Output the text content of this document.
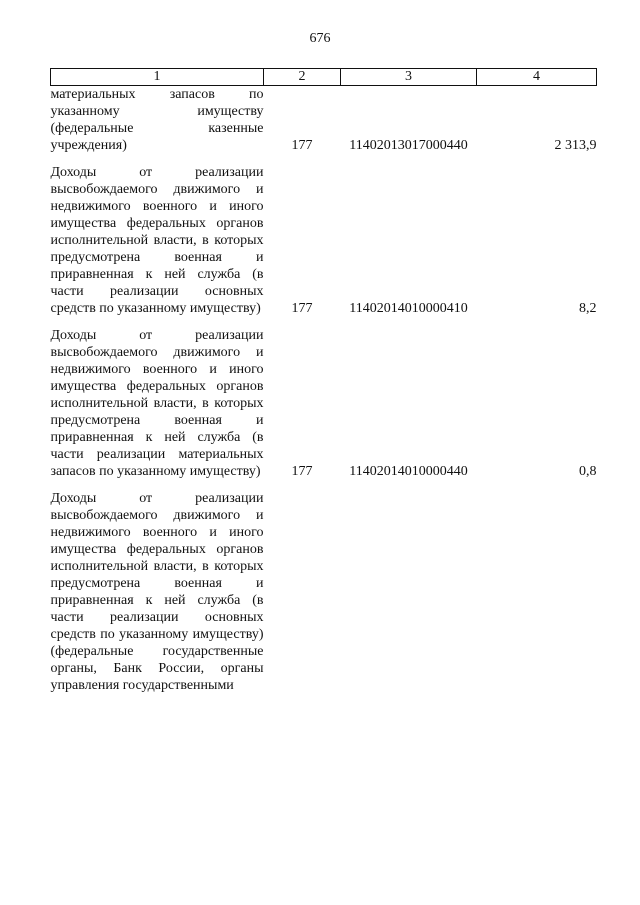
676
1	2	3	4
материальных запасов по указанному имуществу (федеральные казенные учреждения)	177	11402013017000440	2 313,9
Доходы от реализации высвобождаемого движимого и недвижимого военного и иного имущества федеральных органов исполнительной власти, в которых предусмотрена военная и приравненная к ней служба (в части реализации основных средств по указанному имуществу)	177	11402014010000410	8,2
Доходы от реализации высвобождаемого движимого и недвижимого военного и иного имущества федеральных органов исполнительной власти, в которых предусмотрена военная и приравненная к ней служба (в части реализации материальных запасов по указанному имуществу)	177	11402014010000440	0,8
Доходы от реализации высвобождаемого движимого и недвижимого военного и иного имущества федеральных органов исполнительной власти, в которых предусмотрена военная и приравненная к ней служба (в части реализации основных средств по указанному имуществу) (федеральные государственные органы, Банк России, органы управления государственными			
